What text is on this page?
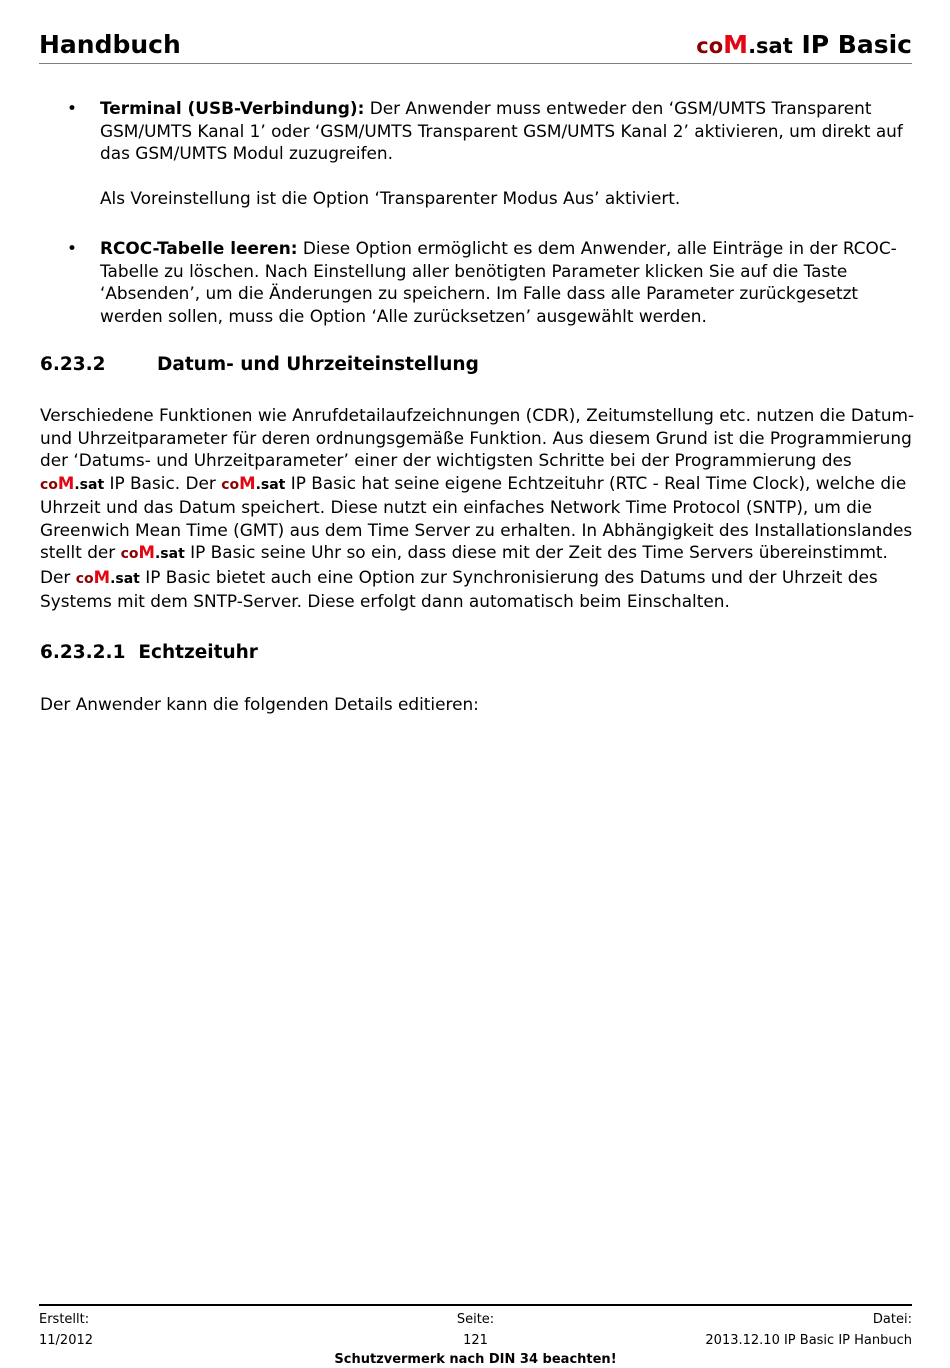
Handbuch	coM.sat IP Basic
• Terminal (USB-Verbindung): Der Anwender muss entweder den ‘GSM/UMTS Transparent GSM/UMTS Kanal 1’ oder ‘GSM/UMTS Transparent GSM/UMTS Kanal 2’ aktivieren, um direkt auf das GSM/UMTS Modul zuzugreifen.
Als Voreinstellung ist die Option ‘Transparenter Modus Aus’ aktiviert.
• RCOC-Tabelle leeren: Diese Option ermöglicht es dem Anwender, alle Einträge in der RCOC-Tabelle zu löschen. Nach Einstellung aller benötigten Parameter klicken Sie auf die Taste ‘Absenden’, um die Änderungen zu speichern. Im Falle dass alle Parameter zurückgesetzt werden sollen, muss die Option ‘Alle zurücksetzen’ ausgewählt werden.
6.23.2	Datum- und Uhrzeiteinstellung

Verschiedene Funktionen wie Anrufdetailaufzeichnungen (CDR), Zeitumstellung etc. nutzen die Datum- und Uhrzeitparameter für deren ordnungsgemäße Funktion. Aus diesem Grund ist die Programmierung der ‘Datums- und Uhrzeitparameter’ einer der wichtigsten Schritte bei der Programmierung des coM.sat IP Basic. Der coM.sat IP Basic hat seine eigene Echtzeituhr (RTC - Real Time Clock), welche die Uhrzeit und das Datum speichert. Diese nutzt ein einfaches Network Time Protocol (SNTP), um die Greenwich Mean Time (GMT) aus dem Time Server zu erhalten. In Abhängigkeit des Installationslandes stellt der coM.sat IP Basic seine Uhr so ein, dass diese mit der Zeit des Time Servers übereinstimmt. Der coM.sat IP Basic bietet auch eine Option zur Synchronisierung des Datums und der Uhrzeit des Systems mit dem SNTP-Server. Diese erfolgt dann automatisch beim Einschalten.

6.23.2.1 Echtzeituhr

Der Anwender kann die folgenden Details editieren:

Erstellt:
11/2012
Seite:
121
Datei:
2013.12.10 IP Basic IP Hanbuch
Schutzvermerk nach DIN 34 beachten!
